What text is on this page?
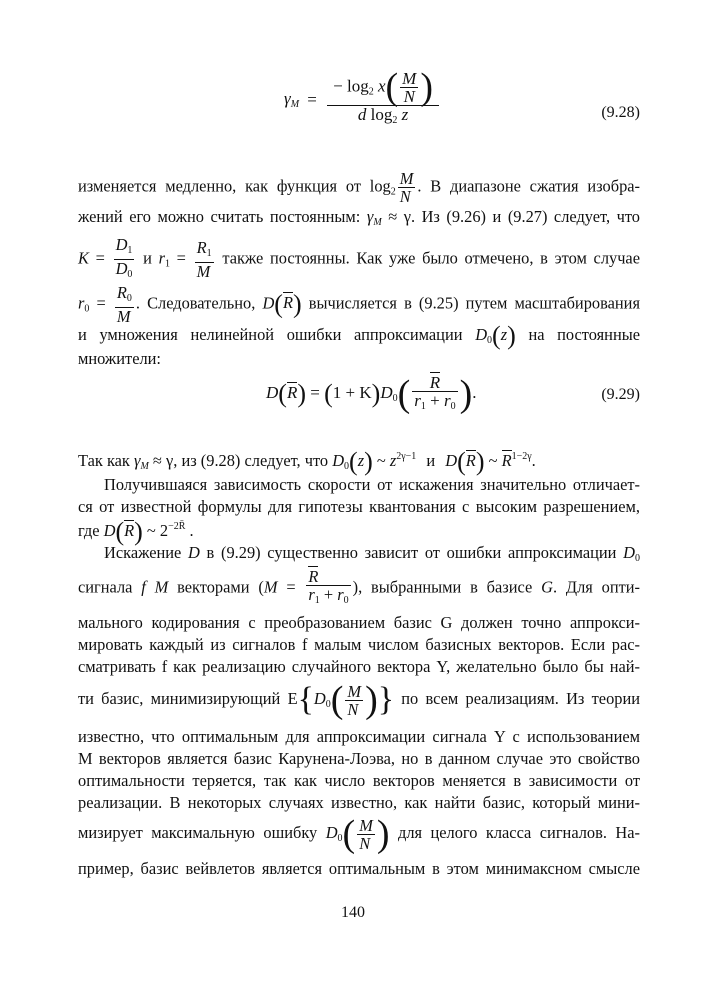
$\gamma_M = \frac{- \log_2 x( \frac{M}{N} )}{d \log_2 z}$	(9.28)
изменяется медленно, как функция от $\log_2 \frac{M}{N}$ . В диапазоне сжатия изобра-
жений его можно считать постоянным: $\gamma_M \approx \gamma$. Из (9.26) и (9.27) следует, что
$K = \frac{D_1}{D_0}$ и $r_1 = \frac{R_1}{M}$ также постоянны. Как уже было отмечено, в этом случае
$r_0 = \frac{R_0}{M}$ . Следовательно, D(R) вычисляется в (9.25) путем масштабирования
и умножения нелинейной ошибки аппроксимации $D_0(z)$ на постоянные
множители:
$D(R) = (1 + K)D_0( \frac{R}{r_1 + r_0}$ ).	(9.29)
Так как $\gamma_M \approx \gamma$, из (9.28) следует, что $D_0(z)$ ~ $z^{2\gamma-1}$ и D(R) ~ $R^{1-2\gamma}$.
Получившаяся зависимость скорости от искажения значительно отличает-
ся от известной формулы для гипотезы квантования с высоким разрешением,
где D(R) ~ $2^{-2R̄}$ .
Искажение D в (9.29) существенно зависит от ошибки аппроксимации $D_0$
сигнала f M векторами ($M = \frac{R}{r_1 + r_0}$ ), выбранными в базисе G. Для опти-
мального кодирования с преобразованием базис G должен точно аппрокси-
мировать каждый из сигналов f малым числом базисных векторов. Если рас-
сматривать f как реализацию случайного вектора Y, желательно было бы най-
ти базис, минимизирующий $E\{D_0( \frac{M}{N}$ )} по всем реализациям. Из теории
известно, что оптимальным для аппроксимации сигнала Y с использованием
M векторов является базис Карунена-Лоэва, но в данном случае это свойство
оптимальности теряется, так как число векторов меняется в зависимости от
реализации. В некоторых случаях известно, как найти базис, который мини-
мизирует максимальную ошибку $D_0( \frac{M}{N}$ ) для целого класса сигналов. На-
пример, базис вейвлетов является оптимальным в этом минимаксном смысле
140
